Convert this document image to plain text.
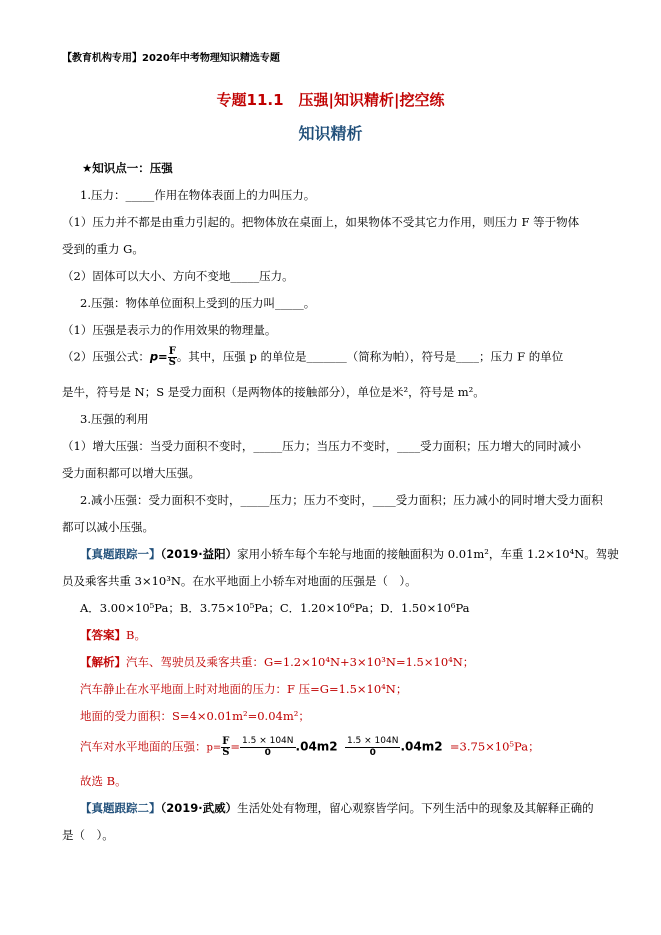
【教育机构专用】2020年中考物理知识精选专题
专题11.1　压强|知识精析|挖空练
知识精析
★知识点一：压强
1.压力：_____作用在物体表面上的力叫压力。
（1）压力并不都是由重力引起的。把物体放在桌面上，如果物体不受其它力作用，则压力 F 等于物体
受到的重力 G。
（2）固体可以大小、方向不变地_____压力。
2.压强：物体单位面积上受到的压力叫_____。
（1）压强是表示力的作用效果的物理量。
（2）压强公式：$p= \frac{F}{S}$ 。其中，压强 p 的单位是_______（简称为帕），符号是____；压力 F 的单位
是牛，符号是 N；S 是受力面积（是两物体的接触部分），单位是米²，符号是 m²。
3.压强的利用
（1）增大压强：当受力面积不变时，_____压力；当压力不变时，____受力面积；压力增大的同时减小
受力面积都可以增大压强。
2.减小压强：受力面积不变时，_____压力；压力不变时，____受力面积；压力减小的同时增大受力面积
都可以减小压强。
【真题跟踪一】（2019·益阳）家用小轿车每个车轮与地面的接触面积为 0.01m²，车重 1.2×10⁴N。驾驶
员及乘客共重 3×10³N。在水平地面上小轿车对地面的压强是（　）。
A．3.00×10⁵Pa；B．3.75×10⁵Pa；C．1.20×10⁶Pa；D．1.50×10⁶Pa
【答案】B。
【解析】汽车、驾驶员及乘客共重：G=1.2×10⁴N+3×10³N=1.5×10⁴N；
汽车静止在水平地面上时对地面的压力：F 压=G=1.5×10⁴N；
地面的受力面积：S=4×0.01m²=0.04m²；
汽车对水平地面的压强：$p= \frac{F}{S} = \frac{1.5 \times 104N}{0} .04m2 \frac{1.5 \times 104N}{0} .04m2 =3.75\times 10^5Pa$；
故选 B。
【真题跟踪二】（2019·武威）生活处处有物理，留心观察皆学问。下列生活中的现象及其解释正确的
是（　）。
